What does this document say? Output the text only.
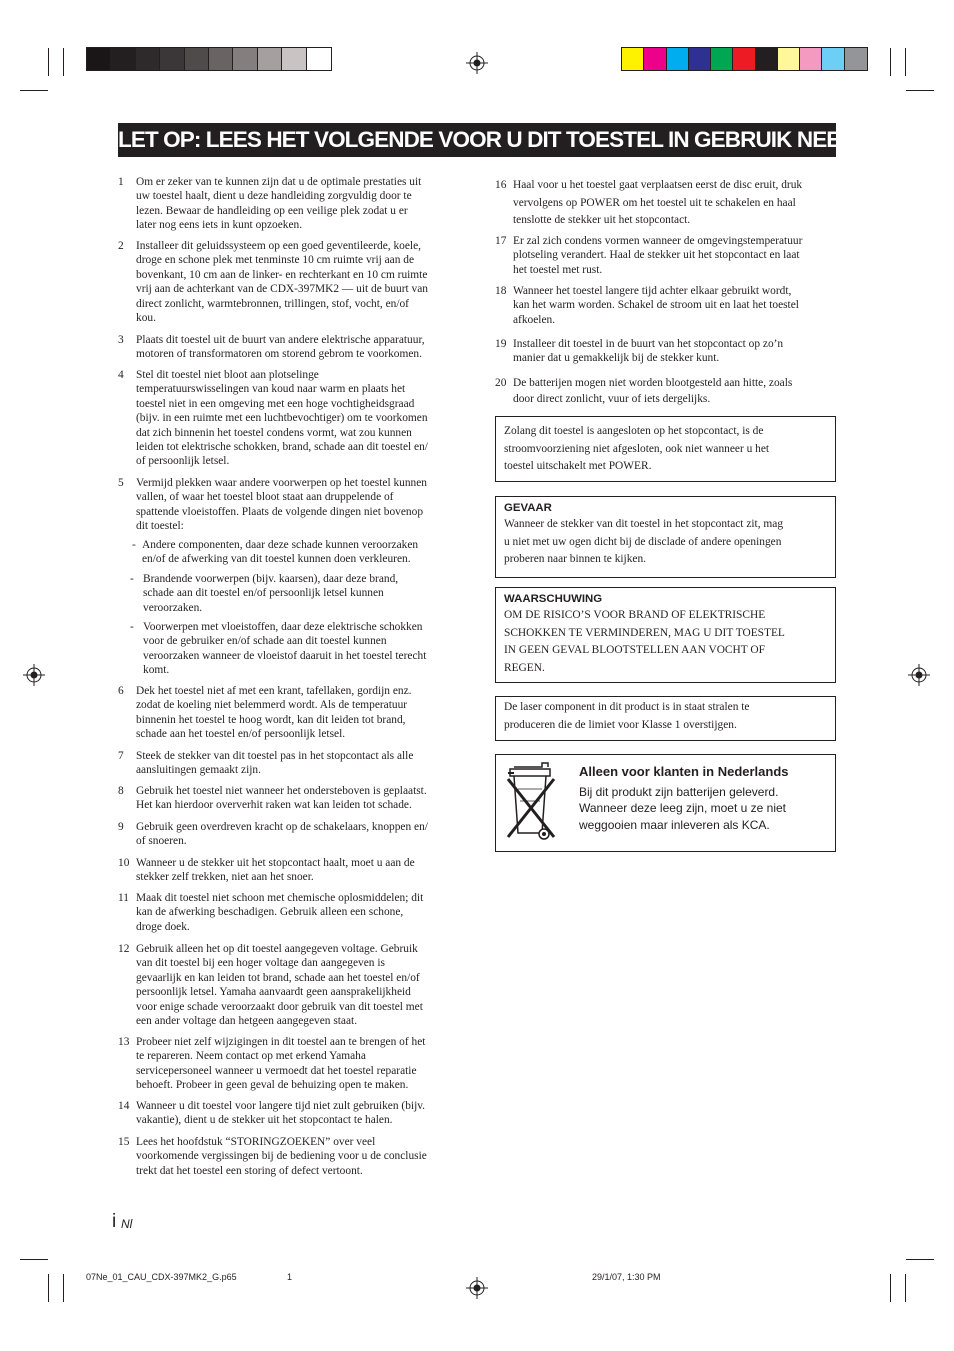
LET OP: LEES HET VOLGENDE VOOR U DIT TOESTEL IN GEBRUIK NEEMT.
1	Om er zeker van te kunnen zijn dat u de optimale prestaties uit
uw toestel haalt, dient u deze handleiding zorgvuldig door te
lezen. Bewaar de handleiding op een veilige plek zodat u er
later nog eens iets in kunt opzoeken.
2	Installeer dit geluidssysteem op een goed geventileerde, koele,
droge en schone plek met tenminste 10 cm ruimte vrij aan de
bovenkant, 10 cm aan de linker- en rechterkant en 10 cm ruimte
vrij aan de achterkant van de CDX-397MK2 — uit de buurt van
direct zonlicht, warmtebronnen, trillingen, stof, vocht, en/of
kou.
3	Plaats dit toestel uit de buurt van andere elektrische apparatuur,
motoren of transformatoren om storend gebrom te voorkomen.
4	Stel dit toestel niet bloot aan plotselinge
temperatuurswisselingen van koud naar warm en plaats het
toestel niet in een omgeving met een hoge vochtigheidsgraad
(bijv. in een ruimte met een luchtbevochtiger) om te voorkomen
dat zich binnenin het toestel condens vormt, wat zou kunnen
leiden tot elektrische schokken, brand, schade aan dit toestel en/
of persoonlijk letsel.
5	Vermijd plekken waar andere voorwerpen op het toestel kunnen
vallen, of waar het toestel bloot staat aan druppelende of
spattende vloeistoffen. Plaats de volgende dingen niet bovenop
dit toestel:
- Andere componenten, daar deze schade kunnen veroorzaken
en/of de afwerking van dit toestel kunnen doen verkleuren.
- Brandende voorwerpen (bijv. kaarsen), daar deze brand,
schade aan dit toestel en/of persoonlijk letsel kunnen
veroorzaken.
- Voorwerpen met vloeistoffen, daar deze elektrische schokken
voor de gebruiker en/of schade aan dit toestel kunnen
veroorzaken wanneer de vloeistof daaruit in het toestel terecht
komt.
6	Dek het toestel niet af met een krant, tafellaken, gordijn enz.
zodat de koeling niet belemmerd wordt. Als de temperatuur
binnenin het toestel te hoog wordt, kan dit leiden tot brand,
schade aan het toestel en/of persoonlijk letsel.
7	Steek de stekker van dit toestel pas in het stopcontact als alle
aansluitingen gemaakt zijn.
8	Gebruik het toestel niet wanneer het ondersteboven is geplaatst.
Het kan hierdoor oververhit raken wat kan leiden tot schade.
9	Gebruik geen overdreven kracht op de schakelaars, knoppen en/
of snoeren.
10 Wanneer u de stekker uit het stopcontact haalt, moet u aan de
stekker zelf trekken, niet aan het snoer.
11 Maak dit toestel niet schoon met chemische oplosmiddelen; dit
kan de afwerking beschadigen. Gebruik alleen een schone,
droge doek.
12 Gebruik alleen het op dit toestel aangegeven voltage. Gebruik
van dit toestel bij een hoger voltage dan aangegeven is
gevaarlijk en kan leiden tot brand, schade aan het toestel en/of
persoonlijk letsel. Yamaha aanvaardt geen aansprakelijkheid
voor enige schade veroorzaakt door gebruik van dit toestel met
een ander voltage dan hetgeen aangegeven staat.
13 Probeer niet zelf wijzigingen in dit toestel aan te brengen of het
te repareren. Neem contact op met erkend Yamaha
servicepersoneel wanneer u vermoedt dat het toestel reparatie
behoeft. Probeer in geen geval de behuizing open te maken.
14 Wanneer u dit toestel voor langere tijd niet zult gebruiken (bijv.
vakantie), dient u de stekker uit het stopcontact te halen.
15 Lees het hoofdstuk “STORINGZOEKEN” over veel
voorkomende vergissingen bij de bediening voor u de conclusie
trekt dat het toestel een storing of defect vertoont.
16 Haal voor u het toestel gaat verplaatsen eerst de disc eruit, druk
vervolgens op POWER om het toestel uit te schakelen en haal
tenslotte de stekker uit het stopcontact.
17 Er zal zich condens vormen wanneer de omgevingstemperatuur
plotseling verandert. Haal de stekker uit het stopcontact en laat
het toestel met rust.
18 Wanneer het toestel langere tijd achter elkaar gebruikt wordt,
kan het warm worden. Schakel de stroom uit en laat het toestel
afkoelen.
19 Installeer dit toestel in de buurt van het stopcontact op zo’n
manier dat u gemakkelijk bij de stekker kunt.
20 De batterijen mogen niet worden blootgesteld aan hitte, zoals
door direct zonlicht, vuur of iets dergelijks.
Zolang dit toestel is aangesloten op het stopcontact, is de
stroomvoorziening niet afgesloten, ook niet wanneer u het
toestel uitschakelt met POWER.
GEVAAR
Wanneer de stekker van dit toestel in het stopcontact zit, mag
u niet met uw ogen dicht bij de disclade of andere openingen
proberen naar binnen te kijken.
WAARSCHUWING
OM DE RISICO’S VOOR BRAND OF ELEKTRISCHE
SCHOKKEN TE VERMINDEREN, MAG U DIT TOESTEL
IN GEEN GEVAL BLOOTSTELLEN AAN VOCHT OF
REGEN.
De laser component in dit product is in staat stralen te
produceren die de limiet voor Klasse 1 overstijgen.
Alleen voor klanten in Nederlands
Bij dit produkt zijn batterijen geleverd.
Wanneer deze leeg zijn, moet u ze niet
weggooien maar inleveren als KCA.
i Nl
07Ne_01_CAU_CDX-397MK2_G.p65	1	29/1/07, 1:30 PM
